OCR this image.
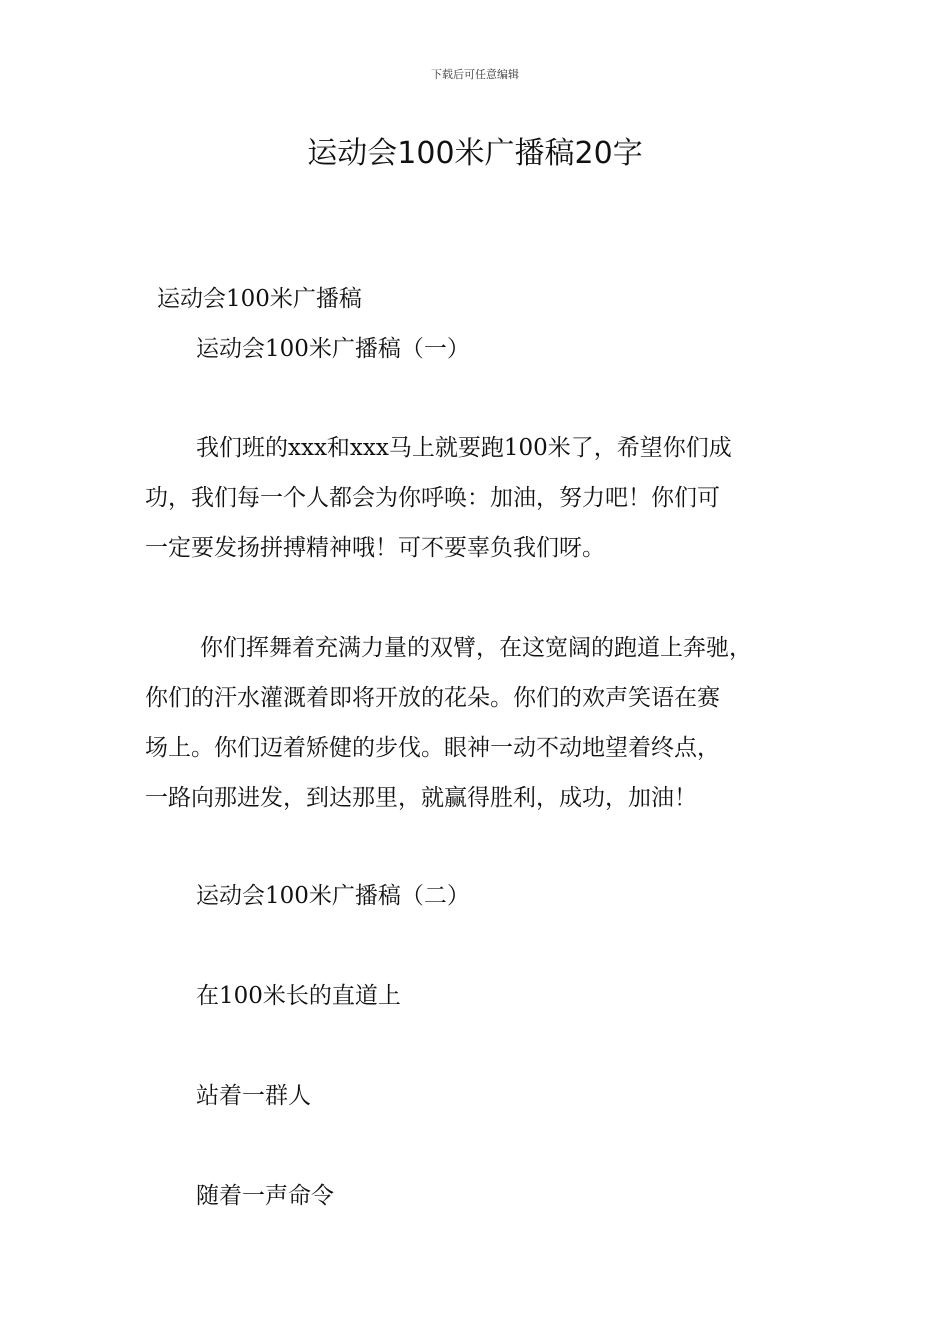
下载后可任意编辑
运动会100米广播稿20字
运动会100米广播稿
运动会100米广播稿（一）
我们班的xxx和xxx马上就要跑100米了，希望你们成
功，我们每一个人都会为你呼唤：加油，努力吧！你们可
一定要发扬拼搏精神哦！可不要辜负我们呀。
你们挥舞着充满力量的双臂，在这宽阔的跑道上奔驰，
你们的汗水灌溉着即将开放的花朵。你们的欢声笑语在赛
场上。你们迈着矫健的步伐。眼神一动不动地望着终点，
一路向那进发，到达那里，就赢得胜利，成功，加油！
运动会100米广播稿（二）
在100米长的直道上
站着一群人
随着一声命令
